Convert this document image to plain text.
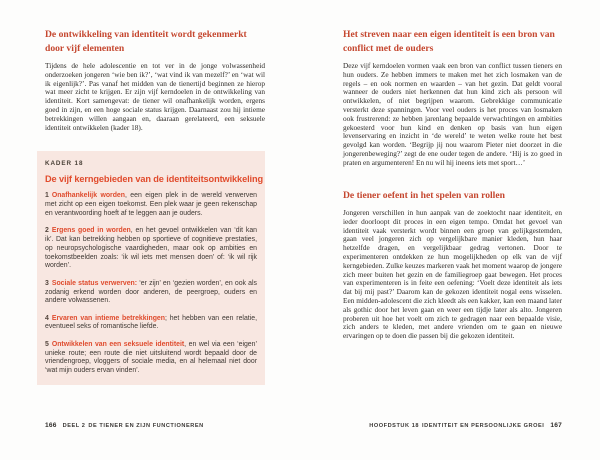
De ontwikkeling van identiteit wordt gekenmerkt door vijf elementen

Tijdens de hele adolescentie en tot ver in de jonge volwassenheid onderzoeken jongeren ‘wie ben ik?’, ‘wat vind ik van mezelf?’ en ‘wat wil ik eigenlijk?’. Pas vanaf het midden van de tienertijd beginnen ze hierop wat meer zicht te krijgen. Er zijn vijf kerndoelen in de ontwikkeling van identiteit. Kort samengevat: de tiener wil onafhankelijk worden, ergens goed in zijn, en een hoge sociale status krijgen. Daarnaast zou hij intieme betrekkingen willen aangaan en, daaraan gerelateerd, een seksuele identiteit ontwikkelen (kader 18).

KADER 18
De vijf kerngebieden van de identiteitsontwikkeling

1 Onafhankelijk worden, een eigen plek in de wereld verwerven met zicht op een eigen toekomst. Een plek waar je geen rekenschap en verantwoording hoeft af te leggen aan je ouders.

2 Ergens goed in worden, en het gevoel ontwikkelen van ‘dit kan ik’. Dat kan betrekking hebben op sportieve of cognitieve prestaties, op neuropsychologische vaardigheden, maar ook op ambities en toekomstbeelden zoals: ‘ik wil iets met mensen doen’ of: ‘ik wil rijk worden’.

3 Sociale status verwerven: ‘er zijn’ en ‘gezien worden’, en ook als zodanig erkend worden door anderen, de peergroep, ouders en andere volwassenen.

4 Ervaren van intieme betrekkingen; het hebben van een relatie, eventueel seks of romantische liefde.

5 Ontwikkelen van een seksuele identiteit, en wel via een ‘eigen’ unieke route; een route die niet uitsluitend wordt bepaald door de vriendengroep, vloggers of sociale media, en al helemaal niet door ‘wat mijn ouders ervan vinden’.

Het streven naar een eigen identiteit is een bron van conflict met de ouders

Deze vijf kerndoelen vormen vaak een bron van conflict tussen tieners en hun ouders. Ze hebben immers te maken met het zich losmaken van de regels – en ook normen en waarden – van het gezin. Dat geldt vooral wanneer de ouders niet herkennen dat hun kind zich als persoon wil ontwikkelen, of niet begrijpen waarom. Gebrekkige communicatie versterkt deze spanningen. Voor veel ouders is het proces van losmaken ook frustrerend: ze hebben jarenlang bepaalde verwachtingen en ambities gekoesterd voor hun kind en denken op basis van hun eigen levenservaring en inzicht in ‘de wereld’ te weten welke route het best gevolgd kan worden. ‘Begrijp jij nou waarom Pieter niet doorzet in die jongerenbeweging?’ zegt de ene ouder tegen de andere. ‘Hij is zo goed in praten en argumenteren! En nu wil hij ineens iets met sport…’

De tiener oefent in het spelen van rollen

Jongeren verschillen in hun aanpak van de zoektocht naar identiteit, en ieder doorloopt dit proces in een eigen tempo. Omdat het gevoel van identiteit vaak versterkt wordt binnen een groep van gelijkgestemden, gaan veel jongeren zich op vergelijkbare manier kleden, hun haar hetzelfde dragen, en vergelijkbaar gedrag vertonen. Door te experimenteren ontdekken ze hun mogelijkheden op elk van de vijf kerngebieden. Zulke keuzes markeren vaak het moment waarop de jongere zich meer buiten het gezin en de familiegroep gaat bewegen. Het proces van experimenteren is in feite een oefening: ‘Voelt deze identiteit als iets dat bij mij past?’ Daarom kan de gekozen identiteit nogal eens wisselen. Een midden-adolescent die zich kleedt als een kakker, kan een maand later als gothic door het leven gaan en weer een tijdje later als alto. Jongeren proberen uit hoe het voelt om zich te gedragen naar een bepaalde visie, zich anders te kleden, met andere vrienden om te gaan en nieuwe ervaringen op te doen die passen bij die gekozen identiteit.

166 DEEL 2 DE TIENER EN ZIJN FUNCTIONEREN	HOOFDSTUK 18 IDENTITEIT EN PERSOONLIJKE GROEI 167
